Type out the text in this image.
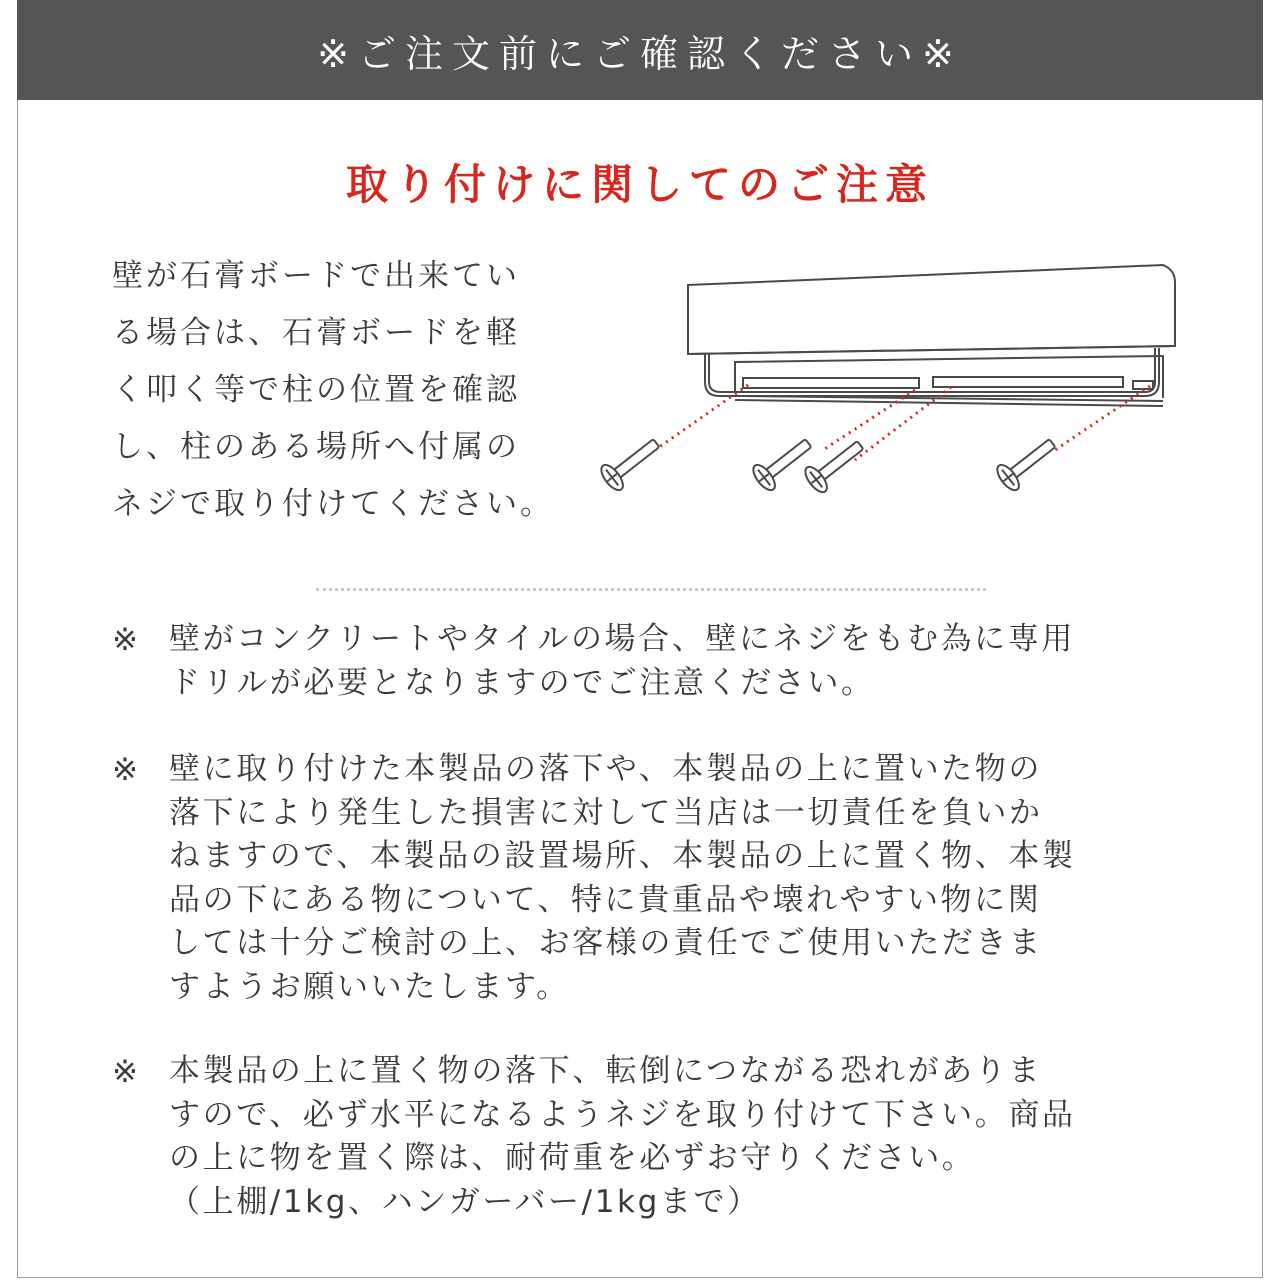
※ご注文前にご確認ください※
取り付けに関してのご注意
壁が石膏ボードで出来てい
る場合は、石膏ボードを軽
く叩く等で柱の位置を確認
し、柱のある場所へ付属の
ネジで取り付けてください。
※ 壁がコンクリートやタイルの場合、壁にネジをもむ為に専用
ドリルが必要となりますのでご注意ください。
※ 壁に取り付けた本製品の落下や、本製品の上に置いた物の
落下により発生した損害に対して当店は一切責任を負いか
ねますので、本製品の設置場所、本製品の上に置く物、本製
品の下にある物について、特に貴重品や壊れやすい物に関
しては十分ご検討の上、お客様の責任でご使用いただきま
すようお願いいたします。
※ 本製品の上に置く物の落下、転倒につながる恐れがありま
すので、必ず水平になるようネジを取り付けて下さい。商品
の上に物を置く際は、耐荷重を必ずお守りください。
（上棚/1kg、ハンガーバー/1kgまで）
